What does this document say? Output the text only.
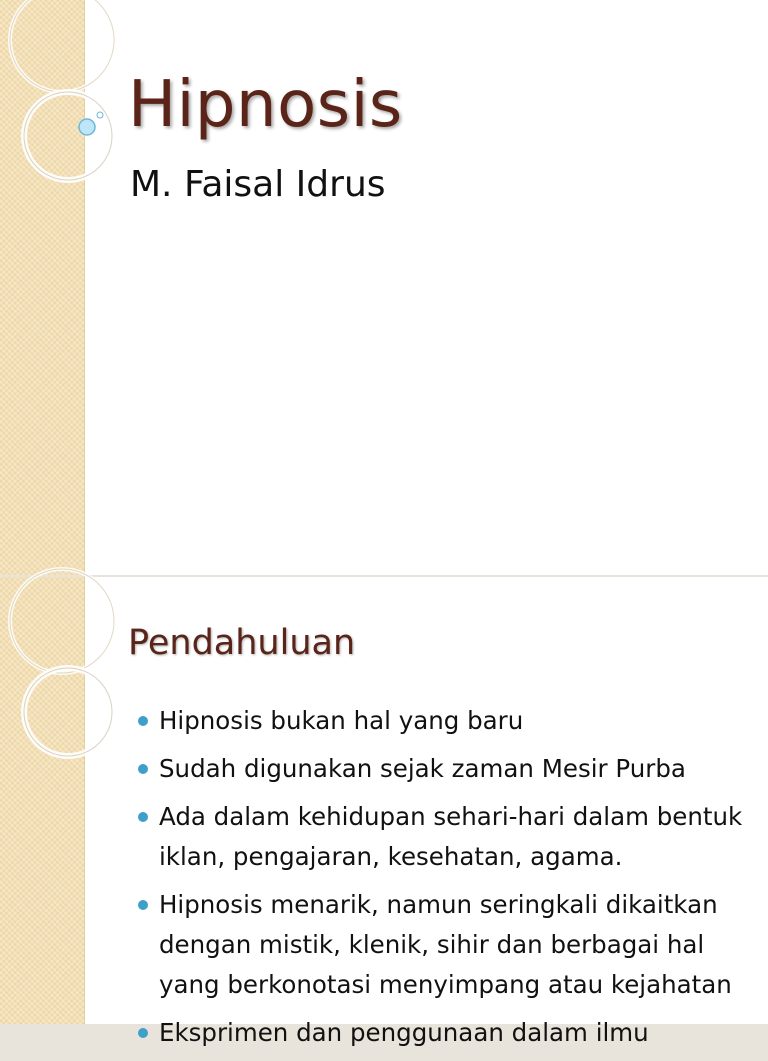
Hipnosis
M. Faisal Idrus
Pendahuluan
Hipnosis bukan hal yang baru
Sudah digunakan sejak zaman Mesir Purba
Ada dalam kehidupan sehari-hari dalam bentuk iklan, pengajaran, kesehatan, agama.
Hipnosis menarik, namun seringkali dikaitkan dengan mistik, klenik, sihir dan berbagai hal yang berkonotasi menyimpang atau kejahatan
Eksprimen dan penggunaan dalam ilmu
